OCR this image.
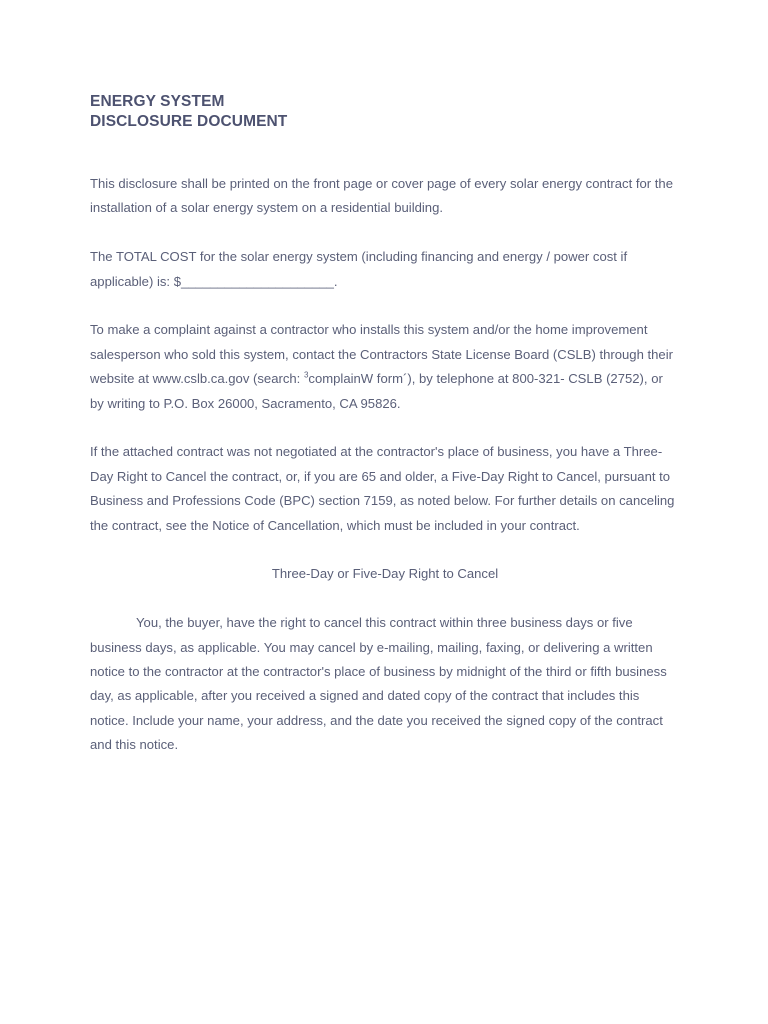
ENERGY SYSTEM
DISCLOSURE DOCUMENT

This disclosure shall be printed on the front page or cover page of every solar energy contract for the installation of a solar energy system on a residential building.

The TOTAL COST for the solar energy system (including financing and energy / power cost if applicable) is: $_____________________.

To make a complaint against a contractor who installs this system and/or the home improvement salesperson who sold this system, contact the Contractors State License Board (CSLB) through their website at www.cslb.ca.gov (search: $^3$complainW form´), by telephone at 800-321- CSLB (2752), or by writing to P.O. Box 26000, Sacramento, CA 95826.

If the attached contract was not negotiated at the contractor's place of business, you have a Three-Day Right to Cancel the contract, or, if you are 65 and older, a Five-Day Right to Cancel, pursuant to Business and Professions Code (BPC) section 7159, as noted below. For further details on canceling the contract, see the Notice of Cancellation, which must be included in your contract.

Three-Day or Five-Day Right to Cancel

You, the buyer, have the right to cancel this contract within three business days or five business days, as applicable. You may cancel by e-mailing, mailing, faxing, or delivering a written notice to the contractor at the contractor's place of business by midnight of the third or fifth business day, as applicable, after you received a signed and dated copy of the contract that includes this notice. Include your name, your address, and the date you received the signed copy of the contract and this notice.
